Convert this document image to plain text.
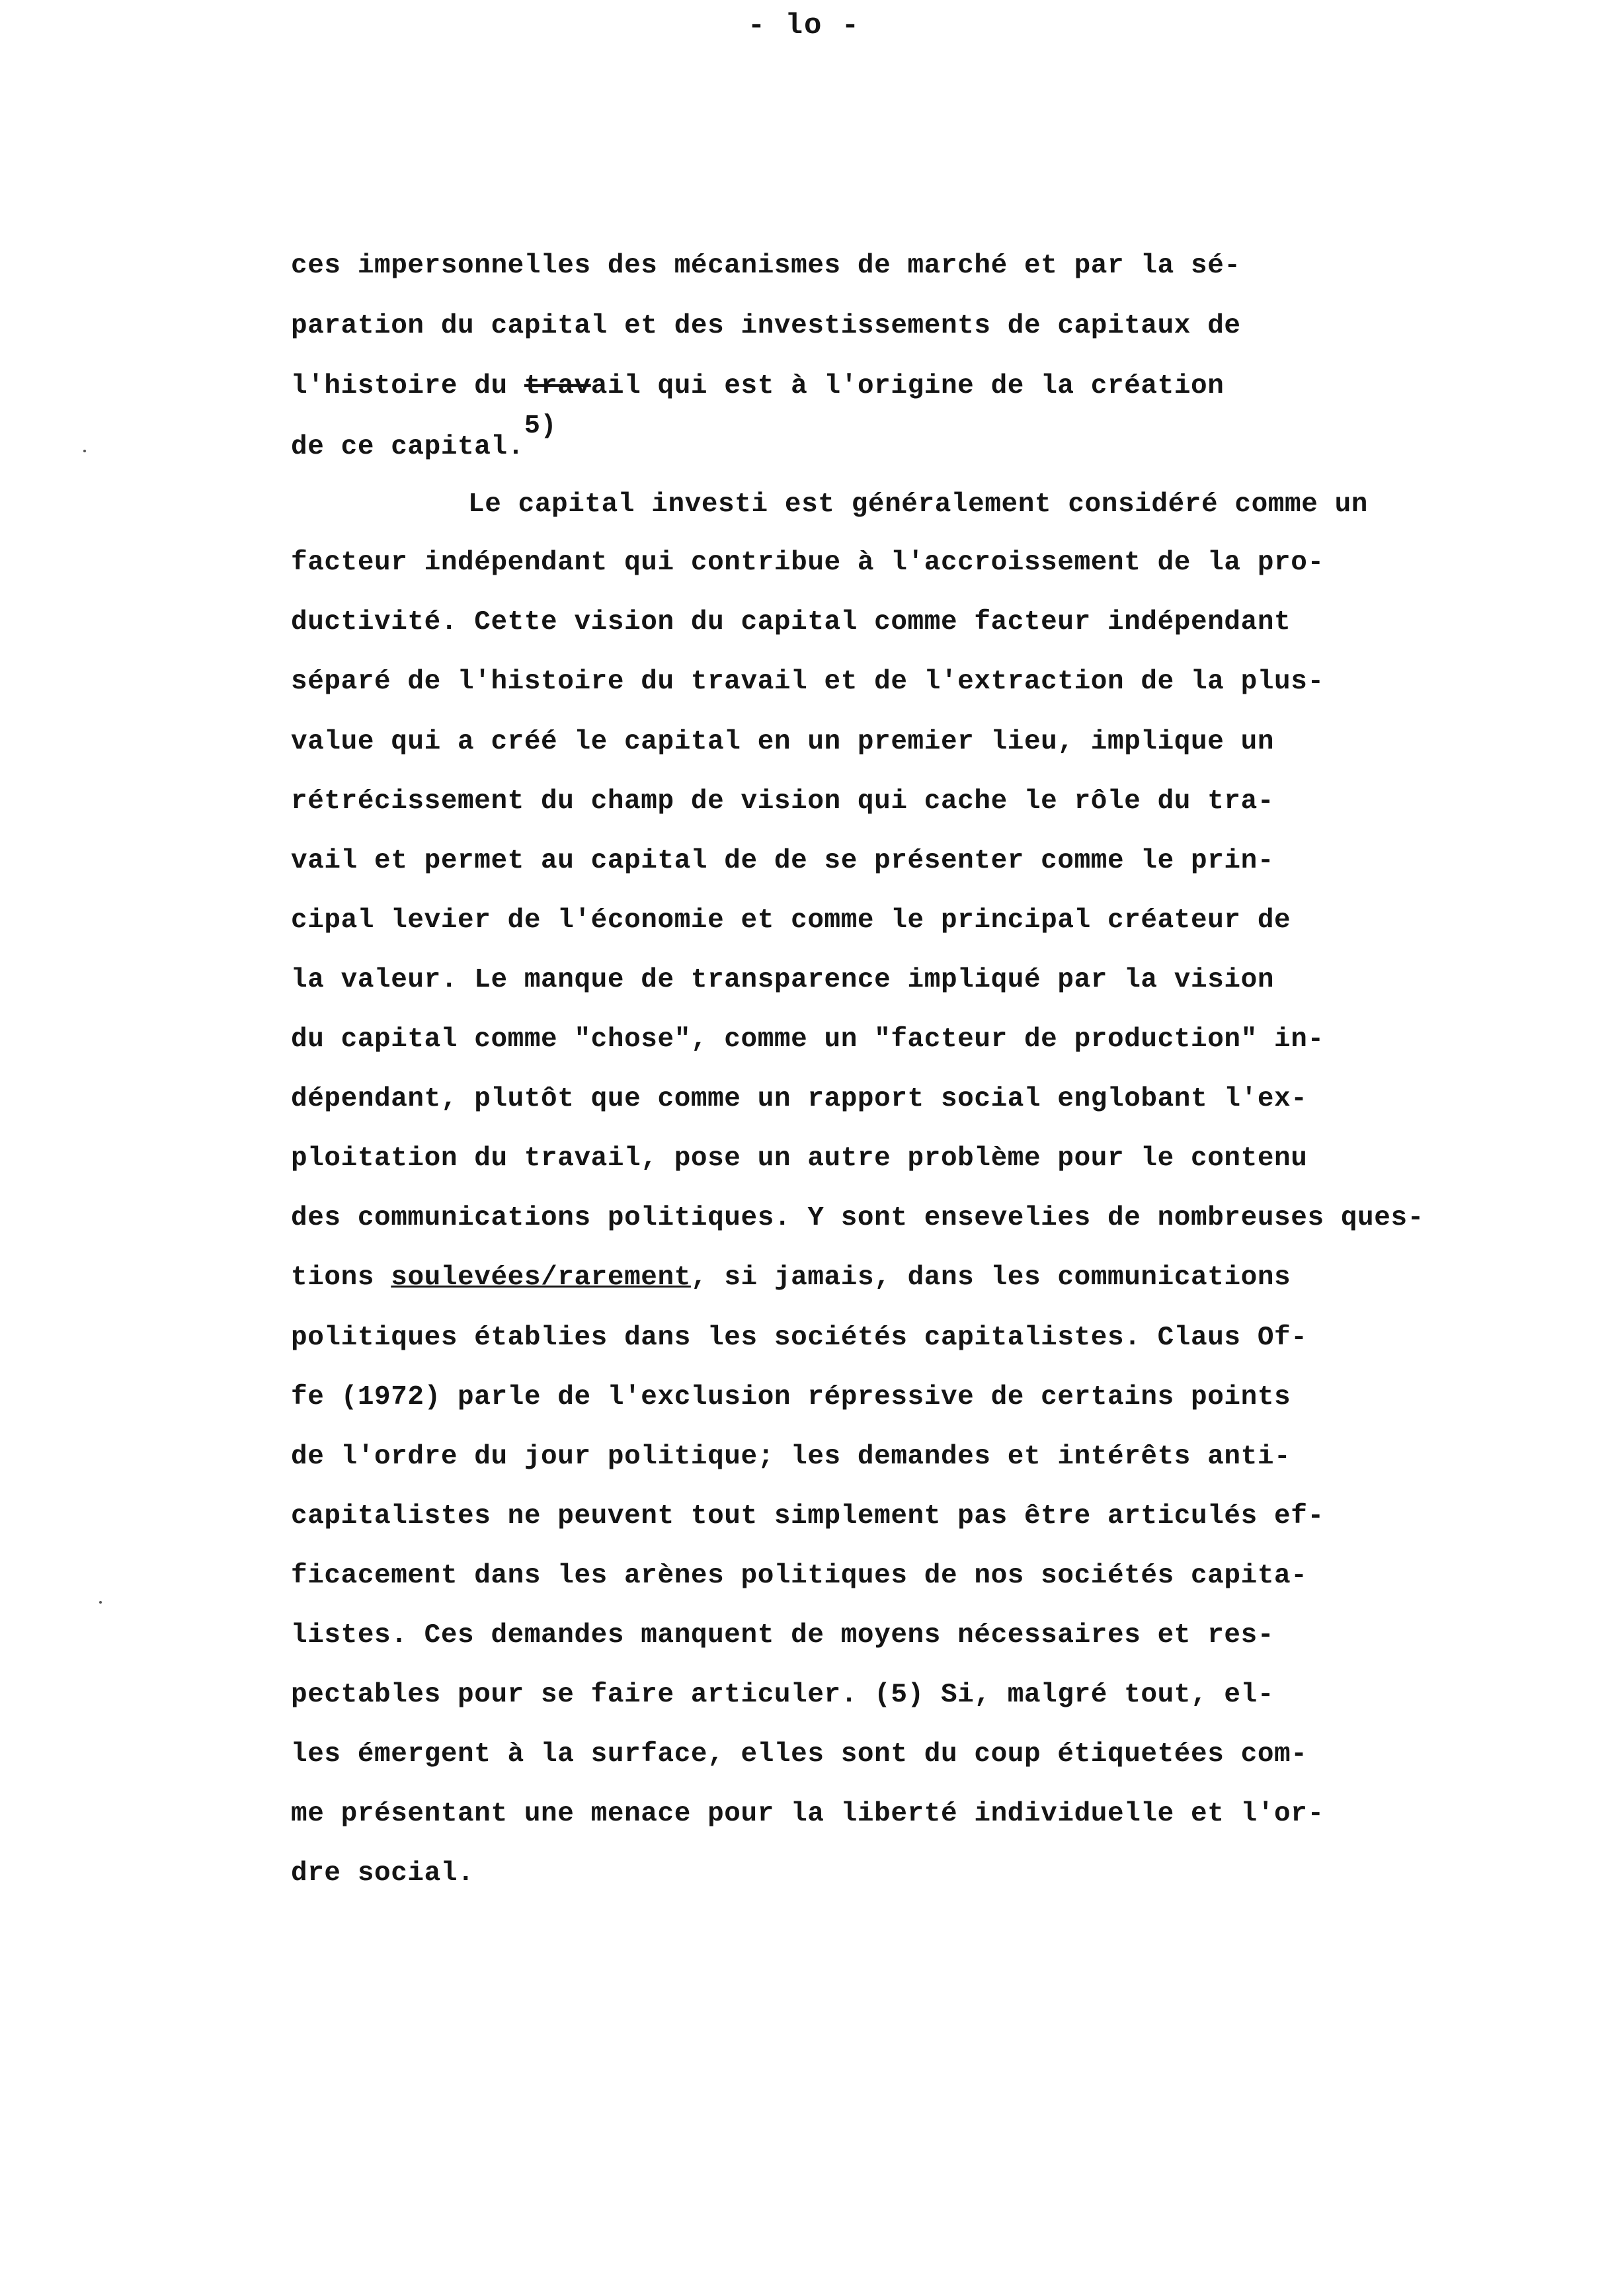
- lo -
ces impersonnelles des mécanismes de marché et par la sé-
paration du capital et des investissements de capitaux de
l'histoire du travail qui est à l'origine de la création
de ce capital.5)
Le capital investi est généralement considéré comme un
facteur indépendant qui contribue à l'accroissement de la pro-
ductivité. Cette vision du capital comme facteur indépendant
séparé de l'histoire du travail et de l'extraction de la plus-
value qui a créé le capital en un premier lieu, implique un
rétrécissement du champ de vision qui cache le rôle du tra-
vail et permet au capital de de se présenter comme le prin-
cipal levier de l'économie et comme le principal créateur de
la valeur. Le manque de transparence impliqué par la vision
du capital comme "chose", comme un "facteur de production" in-
dépendant, plutôt que comme un rapport social englobant l'ex-
ploitation du travail, pose un autre problème pour le contenu
des communications politiques. Y sont ensevelies de nombreuses ques-
tions soulevées/rarement, si jamais, dans les communications
politiques établies dans les sociétés capitalistes. Claus Of-
fe (1972) parle de l'exclusion répressive de certains points
de l'ordre du jour politique; les demandes et intérêts anti-
capitalistes ne peuvent tout simplement pas être articulés ef-
ficacement dans les arènes politiques de nos sociétés capita-
listes. Ces demandes manquent de moyens nécessaires et res-
pectables pour se faire articuler. (5) Si, malgré tout, el-
les émergent à la surface, elles sont du coup étiquetées com-
me présentant une menace pour la liberté individuelle et l'or-
dre social.
